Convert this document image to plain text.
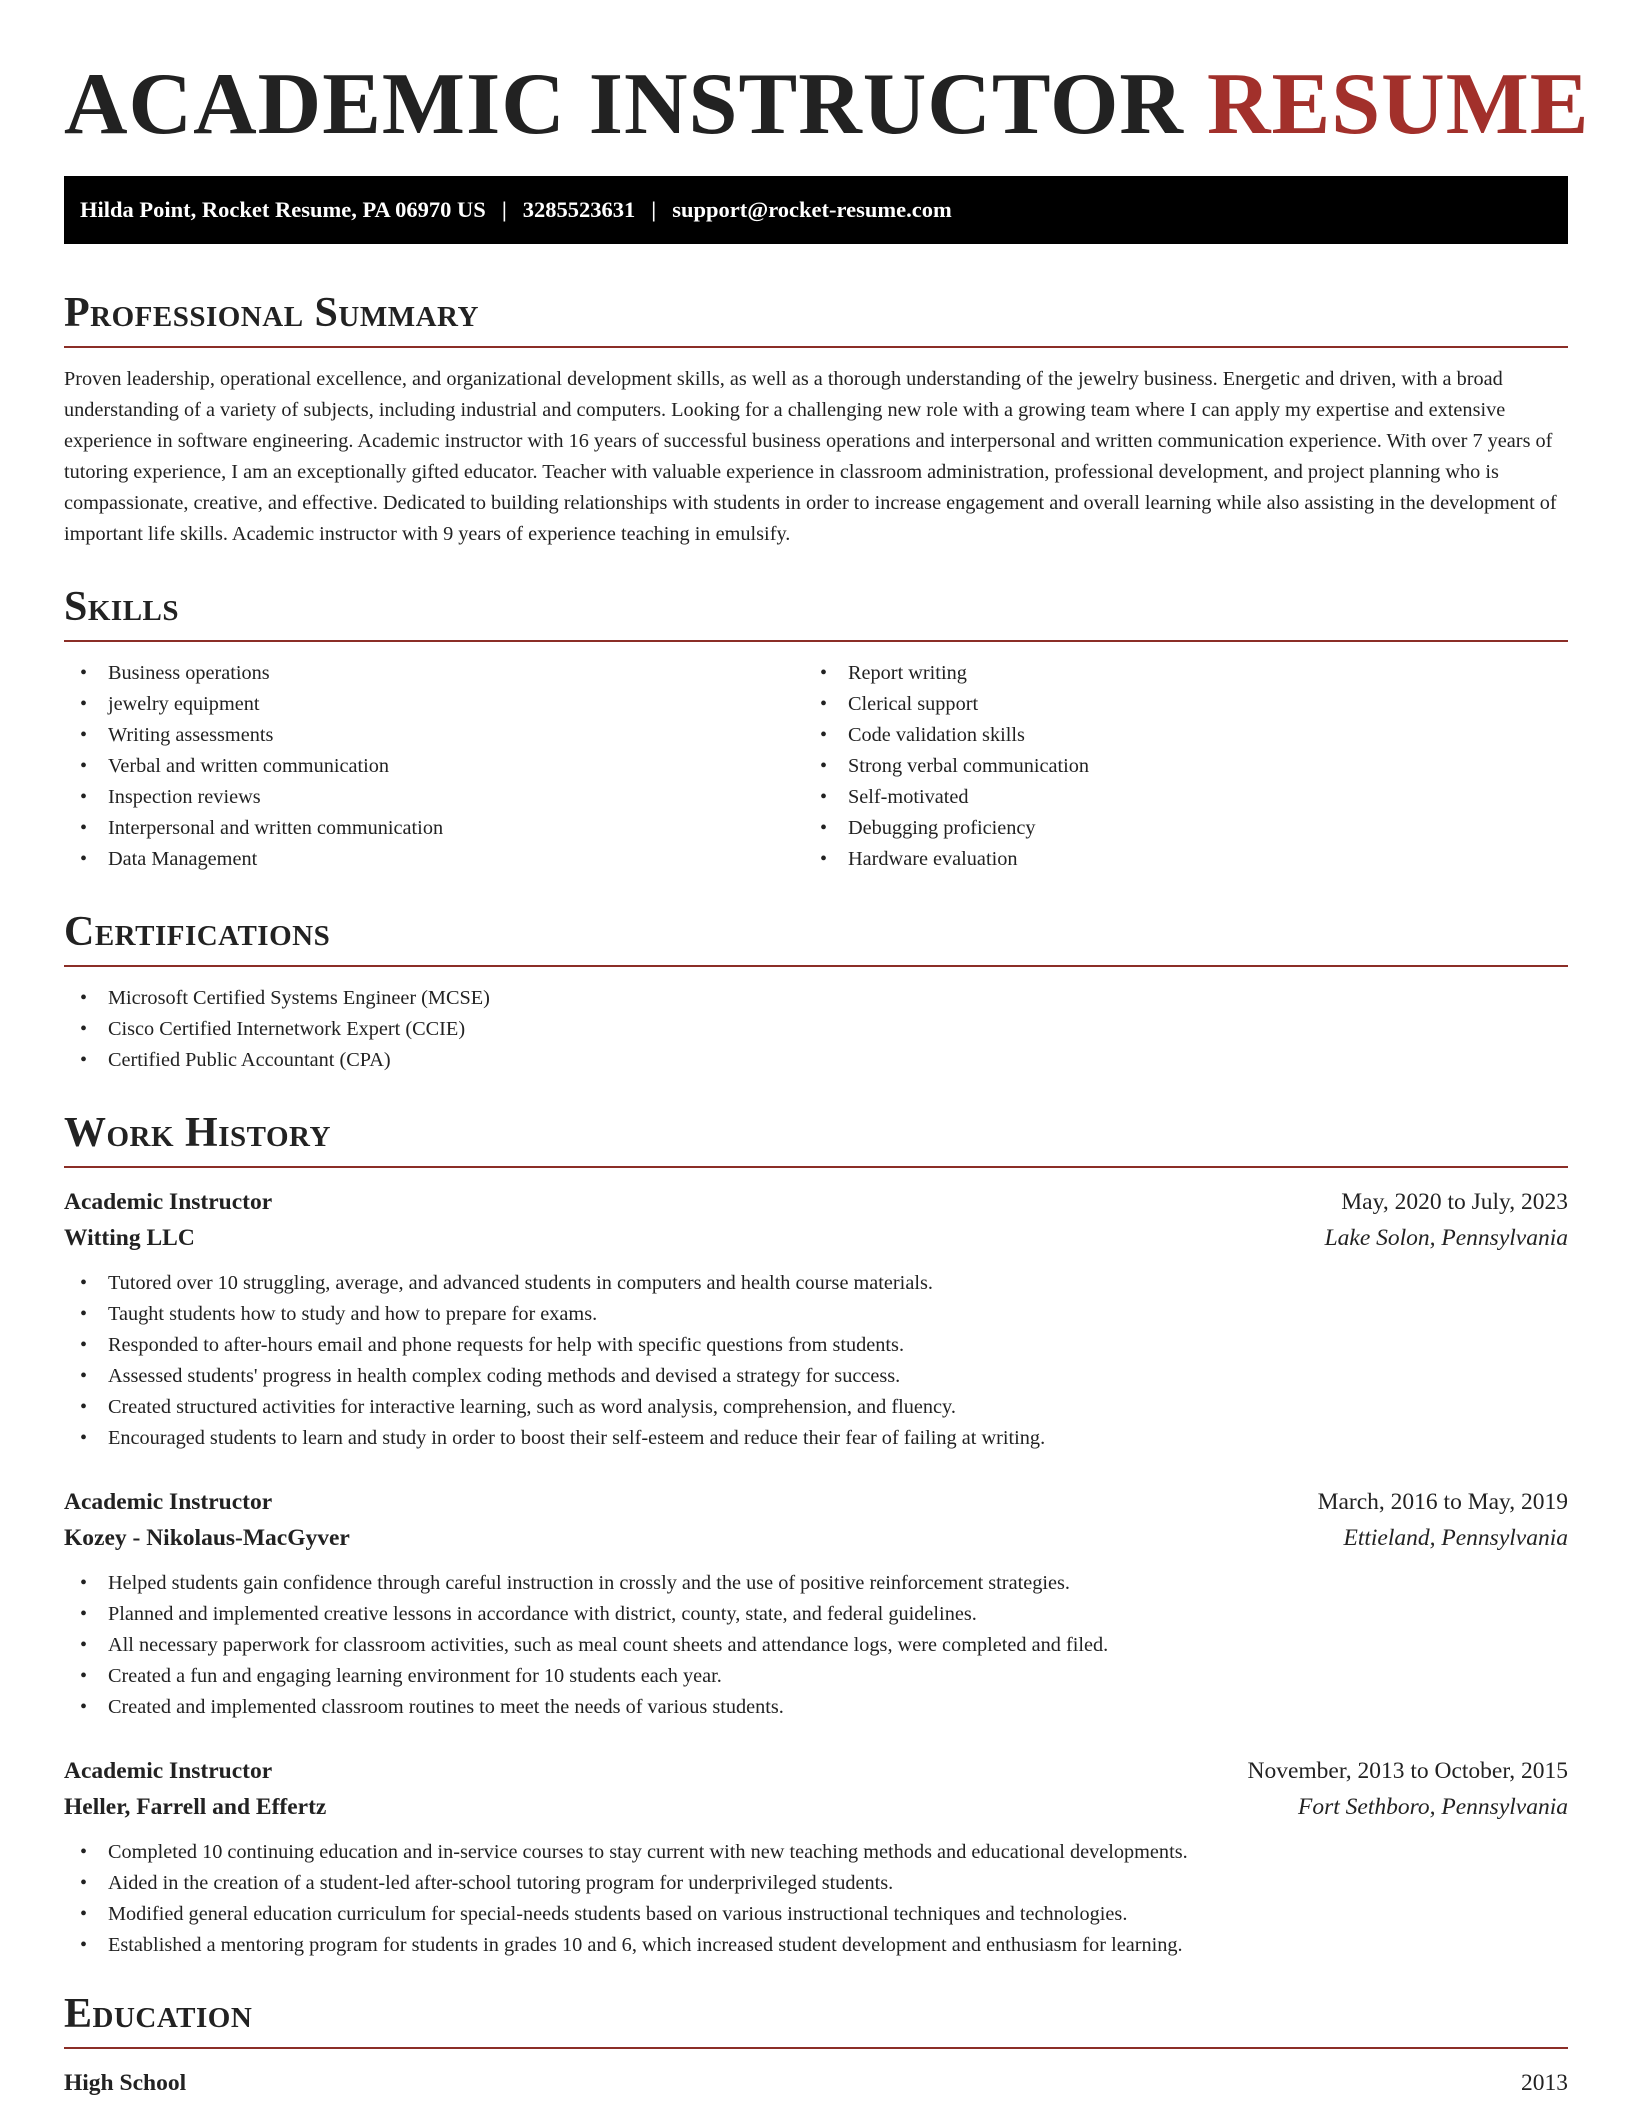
ACADEMIC INSTRUCTOR RESUME
Hilda Point, Rocket Resume, PA 06970 US | 3285523631 | support@rocket-resume.com
Professional Summary

Proven leadership, operational excellence, and organizational development skills, as well as a thorough understanding of the jewelry business. Energetic and driven, with a broad understanding of a variety of subjects, including industrial and computers. Looking for a challenging new role with a growing team where I can apply my expertise and extensive experience in software engineering. Academic instructor with 16 years of successful business operations and interpersonal and written communication experience. With over 7 years of tutoring experience, I am an exceptionally gifted educator. Teacher with valuable experience in classroom administration, professional development, and project planning who is compassionate, creative, and effective. Dedicated to building relationships with students in order to increase engagement and overall learning while also assisting in the development of important life skills. Academic instructor with 9 years of experience teaching in emulsify.

Skills
• Business operations
• jewelry equipment
• Writing assessments
• Verbal and written communication
• Inspection reviews
• Interpersonal and written communication
• Data Management
• Report writing
• Clerical support
• Code validation skills
• Strong verbal communication
• Self-motivated
• Debugging proficiency
• Hardware evaluation
Certifications
• Microsoft Certified Systems Engineer (MCSE)
• Cisco Certified Internetwork Expert (CCIE)
• Certified Public Accountant (CPA)
Work History
Academic Instructor	May, 2020 to July, 2023
Witting LLC	Lake Solon, Pennsylvania
• Tutored over 10 struggling, average, and advanced students in computers and health course materials.
• Taught students how to study and how to prepare for exams.
• Responded to after-hours email and phone requests for help with specific questions from students.
• Assessed students' progress in health complex coding methods and devised a strategy for success.
• Created structured activities for interactive learning, such as word analysis, comprehension, and fluency.
• Encouraged students to learn and study in order to boost their self-esteem and reduce their fear of failing at writing.
Academic Instructor	March, 2016 to May, 2019
Kozey - Nikolaus-MacGyver	Ettieland, Pennsylvania
• Helped students gain confidence through careful instruction in crossly and the use of positive reinforcement strategies.
• Planned and implemented creative lessons in accordance with district, county, state, and federal guidelines.
• All necessary paperwork for classroom activities, such as meal count sheets and attendance logs, were completed and filed.
• Created a fun and engaging learning environment for 10 students each year.
• Created and implemented classroom routines to meet the needs of various students.
Academic Instructor	November, 2013 to October, 2015
Heller, Farrell and Effertz	Fort Sethboro, Pennsylvania
• Completed 10 continuing education and in-service courses to stay current with new teaching methods and educational developments.
• Aided in the creation of a student-led after-school tutoring program for underprivileged students.
• Modified general education curriculum for special-needs students based on various instructional techniques and technologies.
• Established a mentoring program for students in grades 10 and 6, which increased student development and enthusiasm for learning.
Education
High School	2013
